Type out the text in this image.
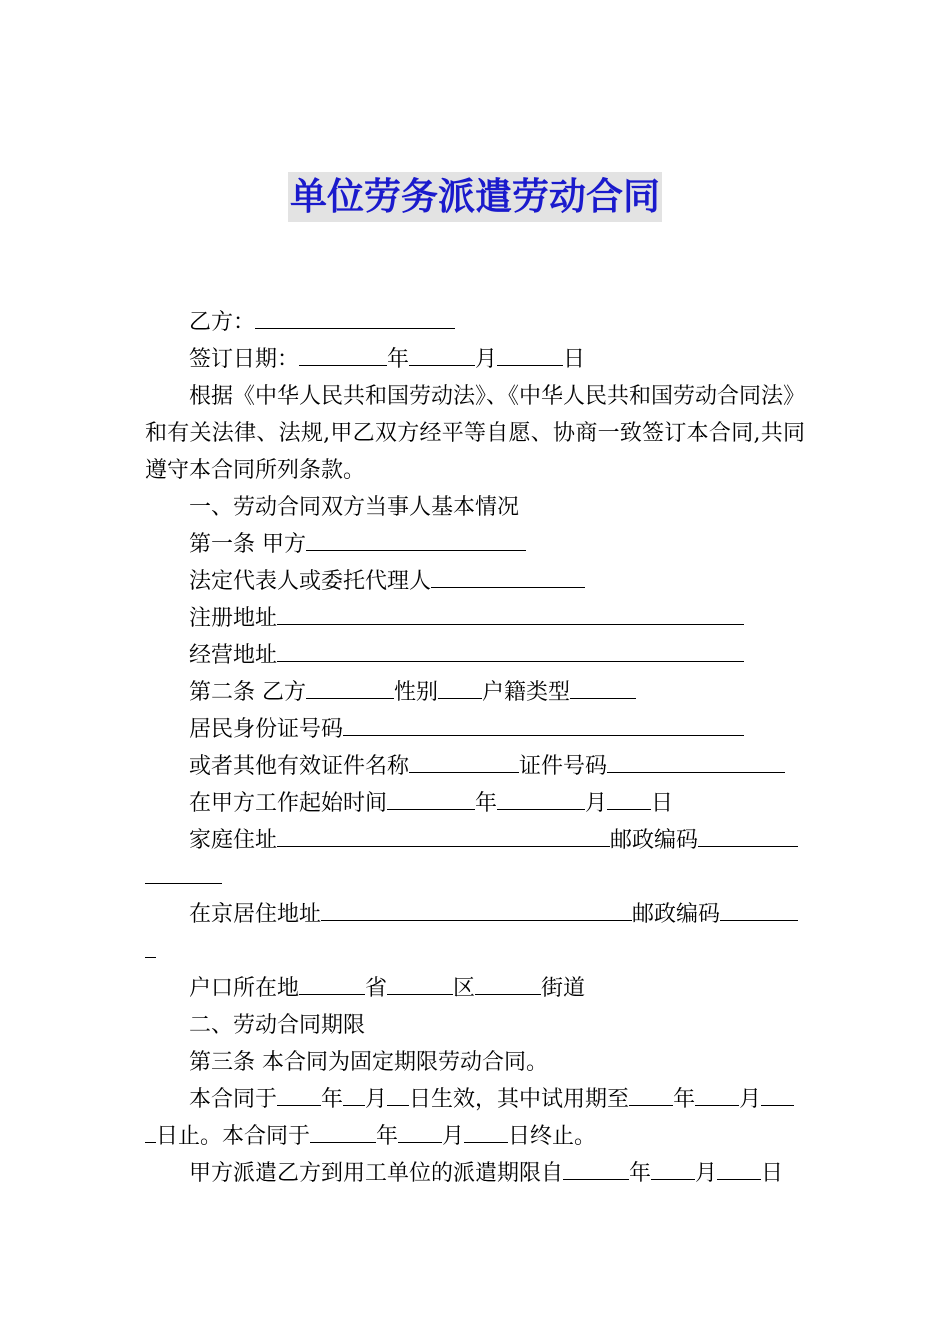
单位劳务派遣劳动合同

乙方：

签订日期：	年	月	日

根据《中华人民共和国劳动法》、《中华人民共和国劳动合同法》和有关法律、法规,甲乙双方经平等自愿、协商一致签订本合同,共同遵守本合同所列条款。

一、劳动合同双方当事人基本情况

第一条 甲方

法定代表人或委托代理人

注册地址

经营地址

第二条 乙方	性别 户籍类型

居民身份证号码

或者其他有效证件名称	证件号码

在甲方工作起始时间	年	月 日

家庭住址	邮政编码

在京居住地址	邮政编码

户口所在地	省	区	街道

二、劳动合同期限

第三条 本合同为固定期限劳动合同。

本合同于 年 月 日生效，其中试用期至 年 月

日止。本合同于	年 月 日终止。

甲方派遣乙方到用工单位的派遣期限自	年 月 日
